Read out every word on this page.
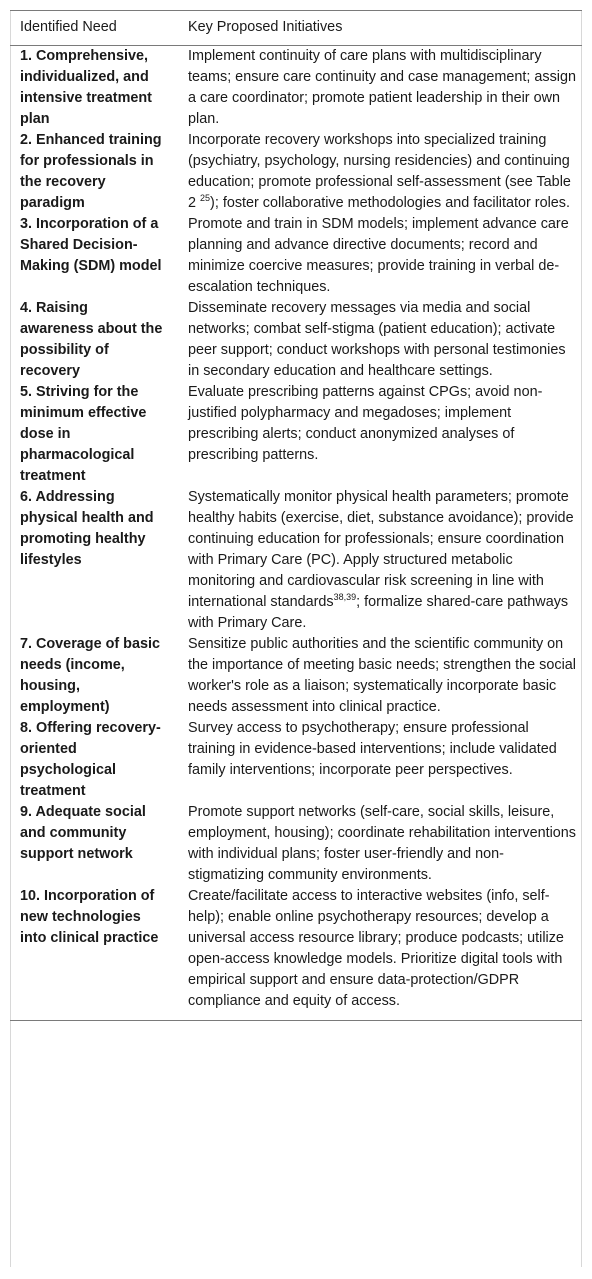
Identified Need	Key Proposed Initiatives
1. Comprehensive, individualized, and intensive treatment plan	Implement continuity of care plans with multidisciplinary teams; ensure care continuity and case management; assign a care coordinator; promote patient leadership in their own plan.
2. Enhanced training for professionals in the recovery paradigm	Incorporate recovery workshops into specialized training (psychiatry, psychology, nursing residencies) and continuing education; promote professional self-assessment (see Table 2 $^{25}$); foster collaborative methodologies and facilitator roles.
3. Incorporation of a Shared Decision-Making (SDM) model	Promote and train in SDM models; implement advance care planning and advance directive documents; record and minimize coercive measures; provide training in verbal de-escalation techniques.
4. Raising awareness about the possibility of recovery	Disseminate recovery messages via media and social networks; combat self-stigma (patient education); activate peer support; conduct workshops with personal testimonies in secondary education and healthcare settings.
5. Striving for the minimum effective dose in pharmacological treatment	Evaluate prescribing patterns against CPGs; avoid non-justified polypharmacy and megadoses; implement prescribing alerts; conduct anonymized analyses of prescribing patterns.
6. Addressing physical health and promoting healthy lifestyles	Systematically monitor physical health parameters; promote healthy habits (exercise, diet, substance avoidance); provide continuing education for professionals; ensure coordination with Primary Care (PC). Apply structured metabolic monitoring and cardiovascular risk screening in line with international standards$^{38,39}$; formalize shared-care pathways with Primary Care.
7. Coverage of basic needs (income, housing, employment)	Sensitize public authorities and the scientific community on the importance of meeting basic needs; strengthen the social worker's role as a liaison; systematically incorporate basic needs assessment into clinical practice.
8. Offering recovery-oriented psychological treatment	Survey access to psychotherapy; ensure professional training in evidence-based interventions; include validated family interventions; incorporate peer perspectives.
9. Adequate social and community support network	Promote support networks (self-care, social skills, leisure, employment, housing); coordinate rehabilitation interventions with individual plans; foster user-friendly and non-stigmatizing community environments.
10. Incorporation of new technologies into clinical practice	Create/facilitate access to interactive websites (info, self-help); enable online psychotherapy resources; develop a universal access resource library; produce podcasts; utilize open-access knowledge models. Prioritize digital tools with empirical support and ensure data-protection/GDPR compliance and equity of access.
